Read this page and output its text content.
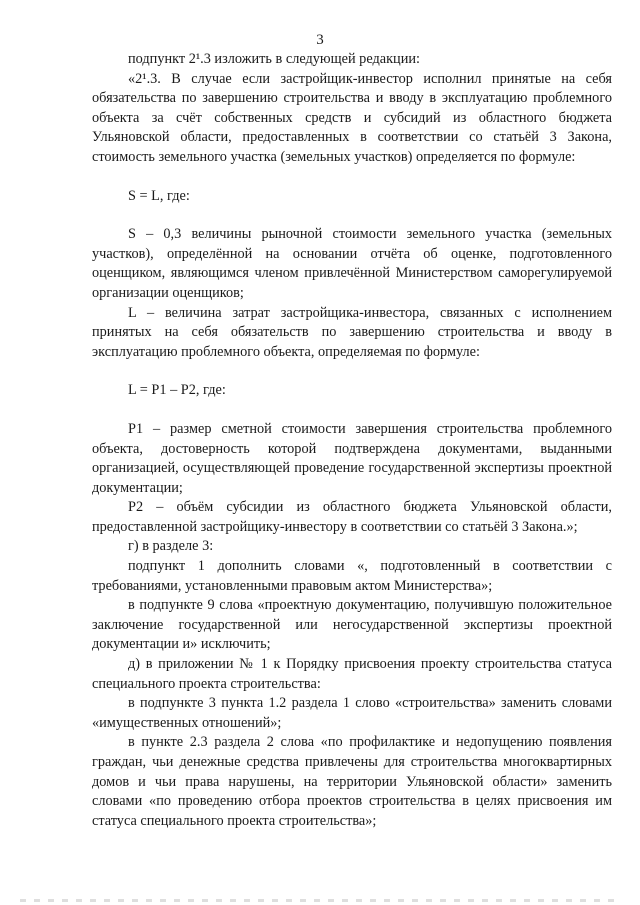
3

подпункт 2¹.3 изложить в следующей редакции:

«2¹.3. В случае если застройщик-инвестор исполнил принятые на себя обязательства по завершению строительства и вводу в эксплуатацию проблемного объекта за счёт собственных средств и субсидий из областного бюджета Ульяновской области, предоставленных в соответствии со статьёй 3 Закона, стоимость земельного участка (земельных участков) определяется по формуле:

S = L, где:

S – 0,3 величины рыночной стоимости земельного участка (земельных участков), определённой на основании отчёта об оценке, подготовленного оценщиком, являющимся членом привлечённой Министерством саморегулируемой организации оценщиков;

L – величина затрат застройщика-инвестора, связанных с исполнением принятых на себя обязательств по завершению строительства и вводу в эксплуатацию проблемного объекта, определяемая по формуле:

L = P1 – P2, где:

P1 – размер сметной стоимости завершения строительства проблемного объекта, достоверность которой подтверждена документами, выданными организацией, осуществляющей проведение государственной экспертизы проектной документации;

P2 – объём субсидии из областного бюджета Ульяновской области, предоставленной застройщику-инвестору в соответствии со статьёй 3 Закона.»;

г) в разделе 3:

подпункт 1 дополнить словами «, подготовленный в соответствии с требованиями, установленными правовым актом Министерства»;

в подпункте 9 слова «проектную документацию, получившую положительное заключение государственной или негосударственной экспертизы проектной документации и» исключить;

д) в приложении № 1 к Порядку присвоения проекту строительства статуса специального проекта строительства:

в подпункте 3 пункта 1.2 раздела 1 слово «строительства» заменить словами «имущественных отношений»;

в пункте 2.3 раздела 2 слова «по профилактике и недопущению появления граждан, чьи денежные средства привлечены для строительства многоквартирных домов и чьи права нарушены, на территории Ульяновской области» заменить словами «по проведению отбора проектов строительства в целях присвоения им статуса специального проекта строительства»;
